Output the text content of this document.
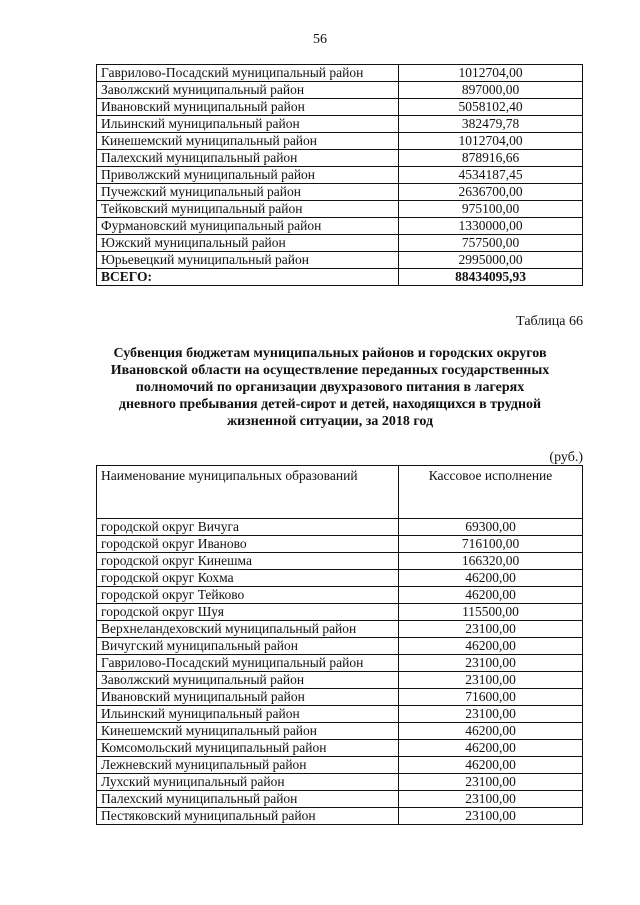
56
Гаврилово-Посадский муниципальный район	1012704,00
Заволжский муниципальный район	897000,00
Ивановский муниципальный район	5058102,40
Ильинский муниципальный район	382479,78
Кинешемский муниципальный район	1012704,00
Палехский муниципальный район	878916,66
Приволжский муниципальный район	4534187,45
Пучежский муниципальный район	2636700,00
Тейковский муниципальный район	975100,00
Фурмановский муниципальный район	1330000,00
Южский муниципальный район	757500,00
Юрьевецкий муниципальный район	2995000,00
ВСЕГО:	88434095,93
Таблица 66
Субвенция бюджетам муниципальных районов и городских округов
Ивановской области на осуществление переданных государственных
полномочий по организации двухразового питания в лагерях
дневного пребывания детей-сирот и детей, находящихся в трудной
жизненной ситуации, за 2018 год
(руб.)
Наименование муниципальных образований	Кассовое исполнение
городской округ Вичуга	69300,00
городской округ Иваново	716100,00
городской округ Кинешма	166320,00
городской округ Кохма	46200,00
городской округ Тейково	46200,00
городской округ Шуя	115500,00
Верхнеландеховский муниципальный район	23100,00
Вичугский муниципальный район	46200,00
Гаврилово-Посадский муниципальный район	23100,00
Заволжский муниципальный район	23100,00
Ивановский муниципальный район	71600,00
Ильинский муниципальный район	23100,00
Кинешемский муниципальный район	46200,00
Комсомольский муниципальный район	46200,00
Лежневский муниципальный район	46200,00
Лухский муниципальный район	23100,00
Палехский муниципальный район	23100,00
Пестяковский муниципальный район	23100,00
